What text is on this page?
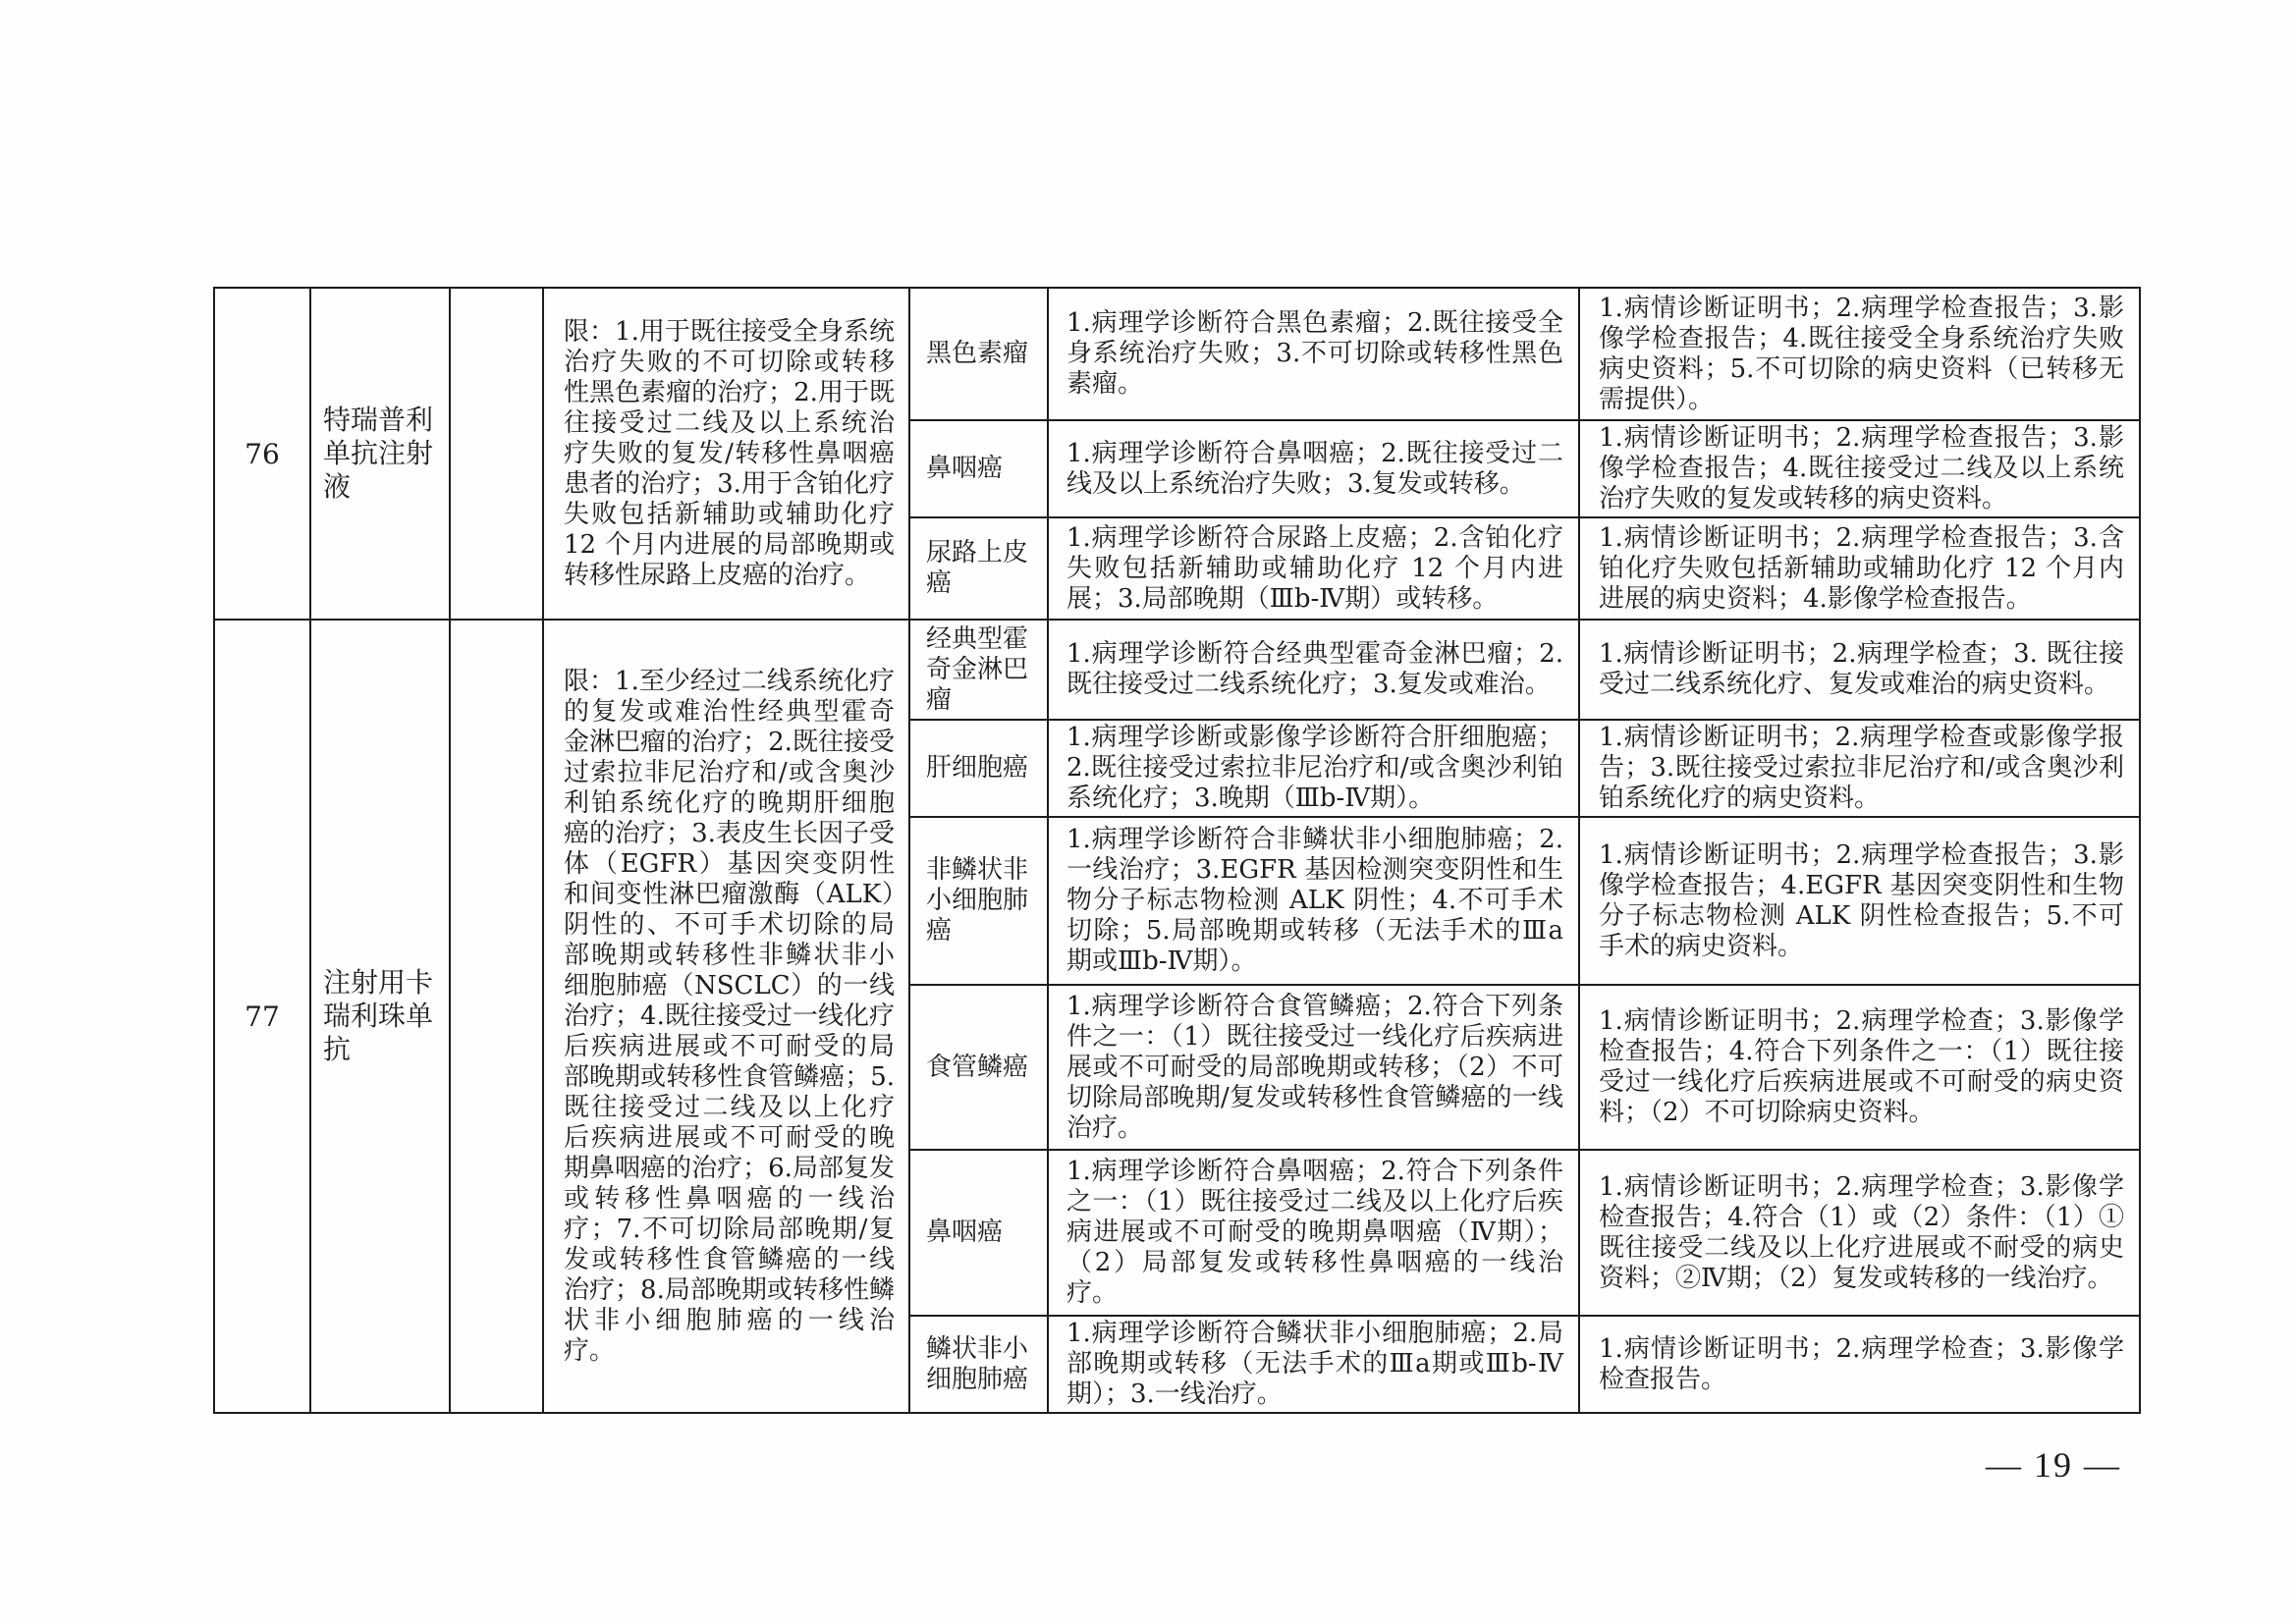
76	特瑞普利单抗注射液		限：1.用于既往接受全身系统治疗失败的不可切除或转移性黑色素瘤的治疗；2.用于既往接受过二线及以上系统治疗失败的复发/转移性鼻咽癌患者的治疗；3.用于含铂化疗失败包括新辅助或辅助化疗 12 个月内进展的局部晚期或转移性尿路上皮癌的治疗。	黑色素瘤	1.病理学诊断符合黑色素瘤；2.既往接受全身系统治疗失败；3.不可切除或转移性黑色素瘤。	1.病情诊断证明书；2.病理学检查报告；3.影像学检查报告；4.既往接受全身系统治疗失败病史资料；5.不可切除的病史资料（已转移无需提供）。
				鼻咽癌	1.病理学诊断符合鼻咽癌；2.既往接受过二线及以上系统治疗失败；3.复发或转移。	1.病情诊断证明书；2.病理学检查报告；3.影像学检查报告；4.既往接受过二线及以上系统治疗失败的复发或转移的病史资料。
				尿路上皮癌	1.病理学诊断符合尿路上皮癌；2.含铂化疗失败包括新辅助或辅助化疗 12 个月内进展；3.局部晚期（Ⅲb-Ⅳ期）或转移。	1.病情诊断证明书；2.病理学检查报告；3.含铂化疗失败包括新辅助或辅助化疗 12 个月内进展的病史资料；4.影像学检查报告。
77	注射用卡瑞利珠单抗		限：1.至少经过二线系统化疗的复发或难治性经典型霍奇金淋巴瘤的治疗；2.既往接受过索拉非尼治疗和/或含奥沙利铂系统化疗的晚期肝细胞癌的治疗；3.表皮生长因子受体（EGFR）基因突变阴性和间变性淋巴瘤激酶（ALK）阴性的、不可手术切除的局部晚期或转移性非鳞状非小细胞肺癌（NSCLC）的一线治疗；4.既往接受过一线化疗后疾病进展或不可耐受的局部晚期或转移性食管鳞癌；5.既往接受过二线及以上化疗后疾病进展或不可耐受的晚期鼻咽癌的治疗；6.局部复发或转移性鼻咽癌的一线治疗；7.不可切除局部晚期/复发或转移性食管鳞癌的一线治疗；8.局部晚期或转移性鳞状非小细胞肺癌的一线治疗。	经典型霍奇金淋巴瘤	1.病理学诊断符合经典型霍奇金淋巴瘤；2.既往接受过二线系统化疗；3.复发或难治。	1.病情诊断证明书；2.病理学检查；3. 既往接受过二线系统化疗、复发或难治的病史资料。
				肝细胞癌	1.病理学诊断或影像学诊断符合肝细胞癌；2.既往接受过索拉非尼治疗和/或含奥沙利铂系统化疗；3.晚期（Ⅲb-Ⅳ期）。	1.病情诊断证明书；2.病理学检查或影像学报告；3.既往接受过索拉非尼治疗和/或含奥沙利铂系统化疗的病史资料。
				非鳞状非小细胞肺癌	1.病理学诊断符合非鳞状非小细胞肺癌；2.一线治疗；3.EGFR 基因检测突变阴性和生物分子标志物检测 ALK 阴性；4.不可手术切除；5.局部晚期或转移（无法手术的Ⅲa期或Ⅲb-Ⅳ期）。	1.病情诊断证明书；2.病理学检查报告；3.影像学检查报告；4.EGFR 基因突变阴性和生物分子标志物检测 ALK 阴性检查报告；5.不可手术的病史资料。
				食管鳞癌	1.病理学诊断符合食管鳞癌；2.符合下列条件之一：（1）既往接受过一线化疗后疾病进展或不可耐受的局部晚期或转移；（2）不可切除局部晚期/复发或转移性食管鳞癌的一线治疗。	1.病情诊断证明书；2.病理学检查；3.影像学检查报告；4.符合下列条件之一：（1）既往接受过一线化疗后疾病进展或不可耐受的病史资料；（2）不可切除病史资料。
				鼻咽癌	1.病理学诊断符合鼻咽癌；2.符合下列条件之一：（1）既往接受过二线及以上化疗后疾病进展或不可耐受的晚期鼻咽癌（Ⅳ期）；（2）局部复发或转移性鼻咽癌的一线治疗。	1.病情诊断证明书；2.病理学检查；3.影像学检查报告；4.符合（1）或（2）条件：（1）①既往接受二线及以上化疗进展或不耐受的病史资料；②Ⅳ期；（2）复发或转移的一线治疗。
				鳞状非小细胞肺癌	1.病理学诊断符合鳞状非小细胞肺癌；2.局部晚期或转移（无法手术的Ⅲa期或Ⅲb-Ⅳ期）；3.一线治疗。	1.病情诊断证明书；2.病理学检查；3.影像学检查报告。
— 19 —
